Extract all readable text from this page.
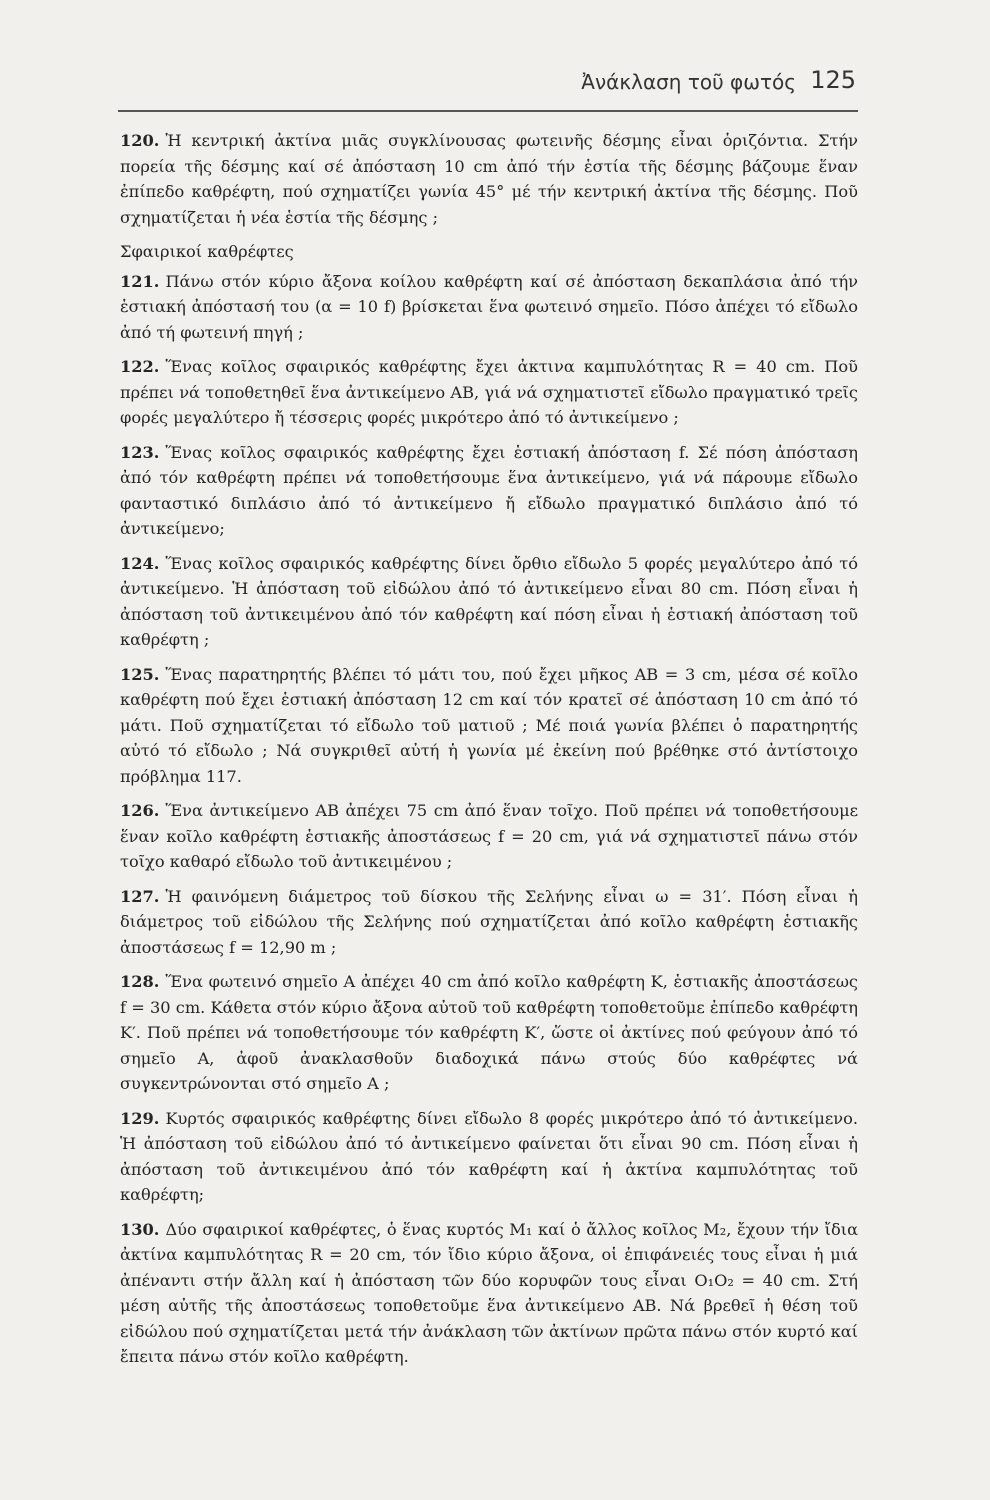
Ἀνάκλαση τοῦ φωτός 125

120. Ἡ κεντρική ἀκτίνα μιᾶς συγκλίνουσας φωτεινῆς δέσμης εἶναι ὁριζόντια. Στήν πορεία τῆς δέσμης καί σέ ἀπόσταση 10 cm ἀπό τήν ἑστία τῆς δέσμης βάζουμε ἕναν ἐπίπεδο καθρέφτη, πού σχηματίζει γωνία 45° μέ τήν κεντρική ἀκτίνα τῆς δέσμης. Ποῦ σχηματίζεται ἡ νέα ἑστία τῆς δέσμης ;

Σφαιρικοί καθρέφτες

121. Πάνω στόν κύριο ἄξονα κοίλου καθρέφτη καί σέ ἀπόσταση δεκαπλάσια ἀπό τήν ἑστιακή ἀπόστασή του (α = 10 f) βρίσκεται ἕνα φωτεινό σημεῖο. Πόσο ἀπέχει τό εἴδωλο ἀπό τή φωτεινή πηγή ;

122. Ἕνας κοῖλος σφαιρικός καθρέφτης ἔχει ἀκτινα καμπυλότητας R = 40 cm. Ποῦ πρέπει νά τοποθετηθεῖ ἕνα ἀντικείμενο ΑΒ, γιά νά σχηματιστεῖ εἴδωλο πραγματικό τρεῖς φορές μεγαλύτερο ἤ τέσσερις φορές μικρότερο ἀπό τό ἀντικείμενο ;

123. Ἕνας κοῖλος σφαιρικός καθρέφτης ἔχει ἑστιακή ἀπόσταση f. Σέ πόση ἀπόσταση ἀπό τόν καθρέφτη πρέπει νά τοποθετήσουμε ἕνα ἀντικείμενο, γιά νά πάρουμε εἴδωλο φανταστικό διπλάσιο ἀπό τό ἀντικείμενο ἤ εἴδωλο πραγματικό διπλάσιο ἀπό τό ἀντικείμενο;

124. Ἕνας κοῖλος σφαιρικός καθρέφτης δίνει ὄρθιο εἴδωλο 5 φορές μεγαλύτερο ἀπό τό ἀντικείμενο. Ἡ ἀπόσταση τοῦ εἰδώλου ἀπό τό ἀντικείμενο εἶναι 80 cm. Πόση εἶναι ἡ ἀπόσταση τοῦ ἀντικειμένου ἀπό τόν καθρέφτη καί πόση εἶναι ἡ ἑστιακή ἀπόσταση τοῦ καθρέφτη ;

125. Ἕνας παρατηρητής βλέπει τό μάτι του, πού ἔχει μῆκος ΑΒ = 3 cm, μέσα σέ κοῖλο καθρέφτη πού ἔχει ἑστιακή ἀπόσταση 12 cm καί τόν κρατεῖ σέ ἀπόσταση 10 cm ἀπό τό μάτι. Ποῦ σχηματίζεται τό εἴδωλο τοῦ ματιοῦ ; Μέ ποιά γωνία βλέπει ὁ παρατηρητής αὐτό τό εἴδωλο ; Νά συγκριθεῖ αὐτή ἡ γωνία μέ ἐκείνη πού βρέθηκε στό ἀντίστοιχο πρόβλημα 117.

126. Ἕνα ἀντικείμενο ΑΒ ἀπέχει 75 cm ἀπό ἕναν τοῖχο. Ποῦ πρέπει νά τοποθετήσουμε ἕναν κοῖλο καθρέφτη ἑστιακῆς ἀποστάσεως f = 20 cm, γιά νά σχηματιστεῖ πάνω στόν τοῖχο καθαρό εἴδωλο τοῦ ἀντικειμένου ;

127. Ἡ φαινόμενη διάμετρος τοῦ δίσκου τῆς Σελήνης εἶναι ω = 31′. Πόση εἶναι ἡ διάμετρος τοῦ εἰδώλου τῆς Σελήνης πού σχηματίζεται ἀπό κοῖλο καθρέφτη ἑστιακῆς ἀποστάσεως f = 12,90 m ;

128. Ἕνα φωτεινό σημεῖο Α ἀπέχει 40 cm ἀπό κοῖλο καθρέφτη Κ, ἑστιακῆς ἀποστάσεως f = 30 cm. Κάθετα στόν κύριο ἄξονα αὐτοῦ τοῦ καθρέφτη τοποθετοῦμε ἐπίπεδο καθρέφτη Κ′. Ποῦ πρέπει νά τοποθετήσουμε τόν καθρέφτη Κ′, ὥστε οἱ ἀκτίνες πού φεύγουν ἀπό τό σημεῖο Α, ἀφοῦ ἀνακλασθοῦν διαδοχικά πάνω στούς δύο καθρέφτες νά συγκεντρώνονται στό σημεῖο Α ;

129. Κυρτός σφαιρικός καθρέφτης δίνει εἴδωλο 8 φορές μικρότερο ἀπό τό ἀντικείμενο. Ἡ ἀπόσταση τοῦ εἰδώλου ἀπό τό ἀντικείμενο φαίνεται ὅτι εἶναι 90 cm. Πόση εἶναι ἡ ἀπόσταση τοῦ ἀντικειμένου ἀπό τόν καθρέφτη καί ἡ ἀκτίνα καμπυλότητας τοῦ καθρέφτη;

130. Δύο σφαιρικοί καθρέφτες, ὁ ἕνας κυρτός Μ₁ καί ὁ ἄλλος κοῖλος Μ₂, ἔχουν τήν ἴδια ἀκτίνα καμπυλότητας R = 20 cm, τόν ἴδιο κύριο ἄξονα, οἱ ἐπιφάνειές τους εἶναι ἡ μιά ἀπέναντι στήν ἄλλη καί ἡ ἀπόσταση τῶν δύο κορυφῶν τους εἶναι Ο₁Ο₂ = 40 cm. Στή μέση αὐτῆς τῆς ἀποστάσεως τοποθετοῦμε ἕνα ἀντικείμενο ΑΒ. Νά βρεθεῖ ἡ θέση τοῦ εἰδώλου πού σχηματίζεται μετά τήν ἀνάκλαση τῶν ἀκτίνων πρῶτα πάνω στόν κυρτό καί ἔπειτα πάνω στόν κοῖλο καθρέφτη.
